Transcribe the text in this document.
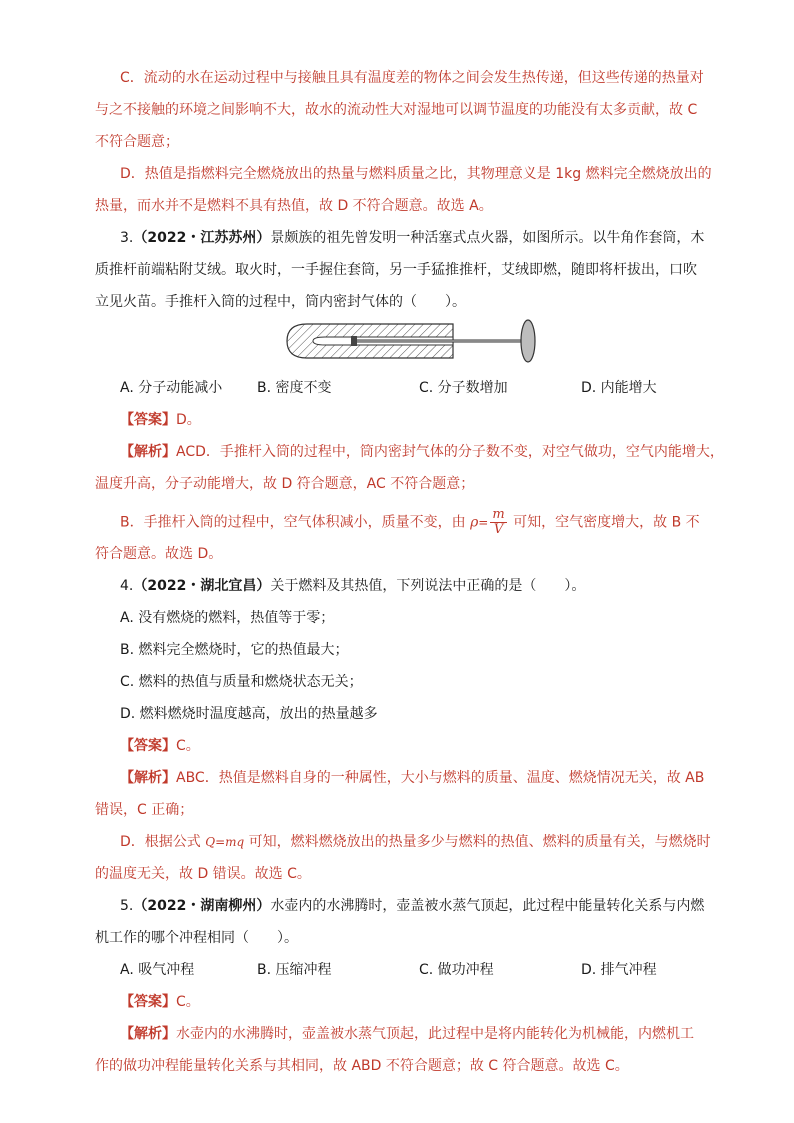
C．流动的水在运动过程中与接触且具有温度差的物体之间会发生热传递，但这些传递的热量对
与之不接触的环境之间影响不大，故水的流动性大对湿地可以调节温度的功能没有太多贡献，故 C
不符合题意；
D．热值是指燃料完全燃烧放出的热量与燃料质量之比，其物理意义是 1kg 燃料完全燃烧放出的
热量，而水并不是燃料不具有热值，故 D 不符合题意。故选 A。
3.（2022・江苏苏州）景颇族的祖先曾发明一种活塞式点火器，如图所示。以牛角作套筒，木
质推杆前端粘附艾绒。取火时，一手握住套筒，另一手猛推推杆，艾绒即燃，随即将杆拔出，口吹
立见火苗。手推杆入筒的过程中，筒内密封气体的（　　）。
A. 分子动能减小 B. 密度不变	C. 分子数增加	D. 内能增大
【答案】D。
【解析】ACD．手推杆入筒的过程中，筒内密封气体的分子数不变，对空气做功，空气内能增大，
温度升高，分子动能增大，故 D 符合题意，AC 不符合题意；
B．手推杆入筒的过程中，空气体积减小，质量不变，由 $\rho= \frac{m}{V}$ 可知，空气密度增大，故 B 不
符合题意。故选 D。
4.（2022・湖北宜昌）关于燃料及其热值，下列说法中正确的是（　　）。
A. 没有燃烧的燃料，热值等于零；
B. 燃料完全燃烧时，它的热值最大；
C. 燃料的热值与质量和燃烧状态无关；
D. 燃料燃烧时温度越高，放出的热量越多
【答案】C。
【解析】ABC．热值是燃料自身的一种属性，大小与燃料的质量、温度、燃烧情况无关，故 AB
错误，C 正确；
D．根据公式 Q=mq 可知，燃料燃烧放出的热量多少与燃料的热值、燃料的质量有关，与燃烧时
的温度无关，故 D 错误。故选 C。
5.（2022・湖南柳州）水壶内的水沸腾时，壶盖被水蒸气顶起，此过程中能量转化关系与内燃
机工作的哪个冲程相同（　　）。
A. 吸气冲程	B. 压缩冲程	C. 做功冲程	D. 排气冲程
【答案】C。
【解析】水壶内的水沸腾时，壶盖被水蒸气顶起，此过程中是将内能转化为机械能，内燃机工
作的做功冲程能量转化关系与其相同，故 ABD 不符合题意；故 C 符合题意。故选 C。
